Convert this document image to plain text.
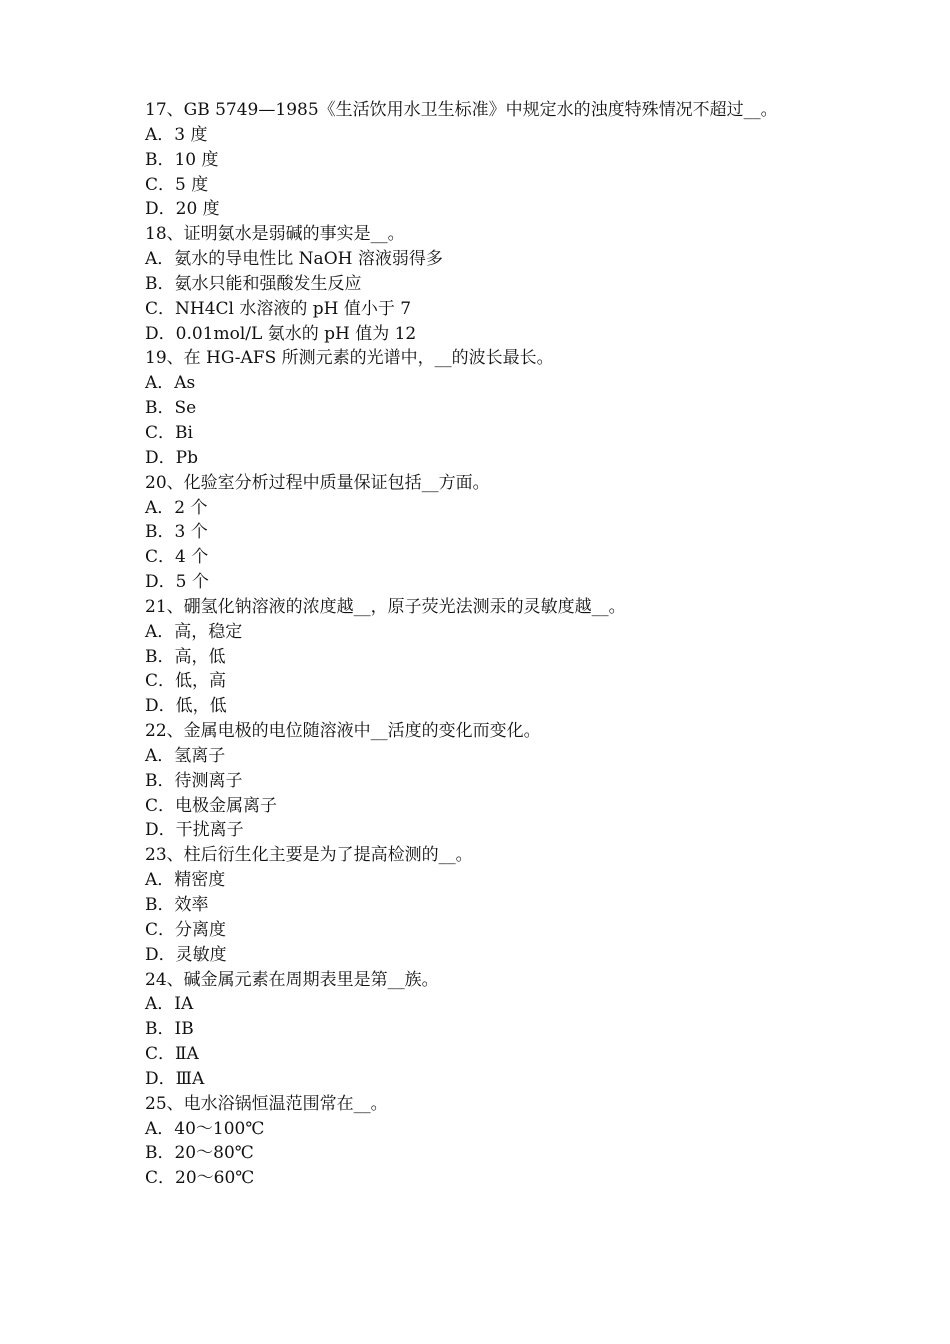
17、GB 5749—1985《生活饮用水卫生标准》中规定水的浊度特殊情况不超过__。
A．3 度
B．10 度
C．5 度
D．20 度
18、证明氨水是弱碱的事实是__。
A．氨水的导电性比 NaOH 溶液弱得多
B．氨水只能和强酸发生反应
C．NH4Cl 水溶液的 pH 值小于 7
D．0.01mol/L 氨水的 pH 值为 12
19、在 HG-AFS 所测元素的光谱中，__的波长最长。
A．As
B．Se
C．Bi
D．Pb
20、化验室分析过程中质量保证包括__方面。
A．2 个
B．3 个
C．4 个
D．5 个
21、硼氢化钠溶液的浓度越__，原子荧光法测汞的灵敏度越__。
A．高，稳定
B．高，低
C．低，高
D．低，低
22、金属电极的电位随溶液中__活度的变化而变化。
A．氢离子
B．待测离子
C．电极金属离子
D．干扰离子
23、柱后衍生化主要是为了提高检测的__。
A．精密度
B．效率
C．分离度
D．灵敏度
24、碱金属元素在周期表里是第__族。
A．ⅠA
B．ⅠB
C．ⅡA
D．ⅢA
25、电水浴锅恒温范围常在__。
A．40～100℃
B．20～80℃
C．20～60℃
